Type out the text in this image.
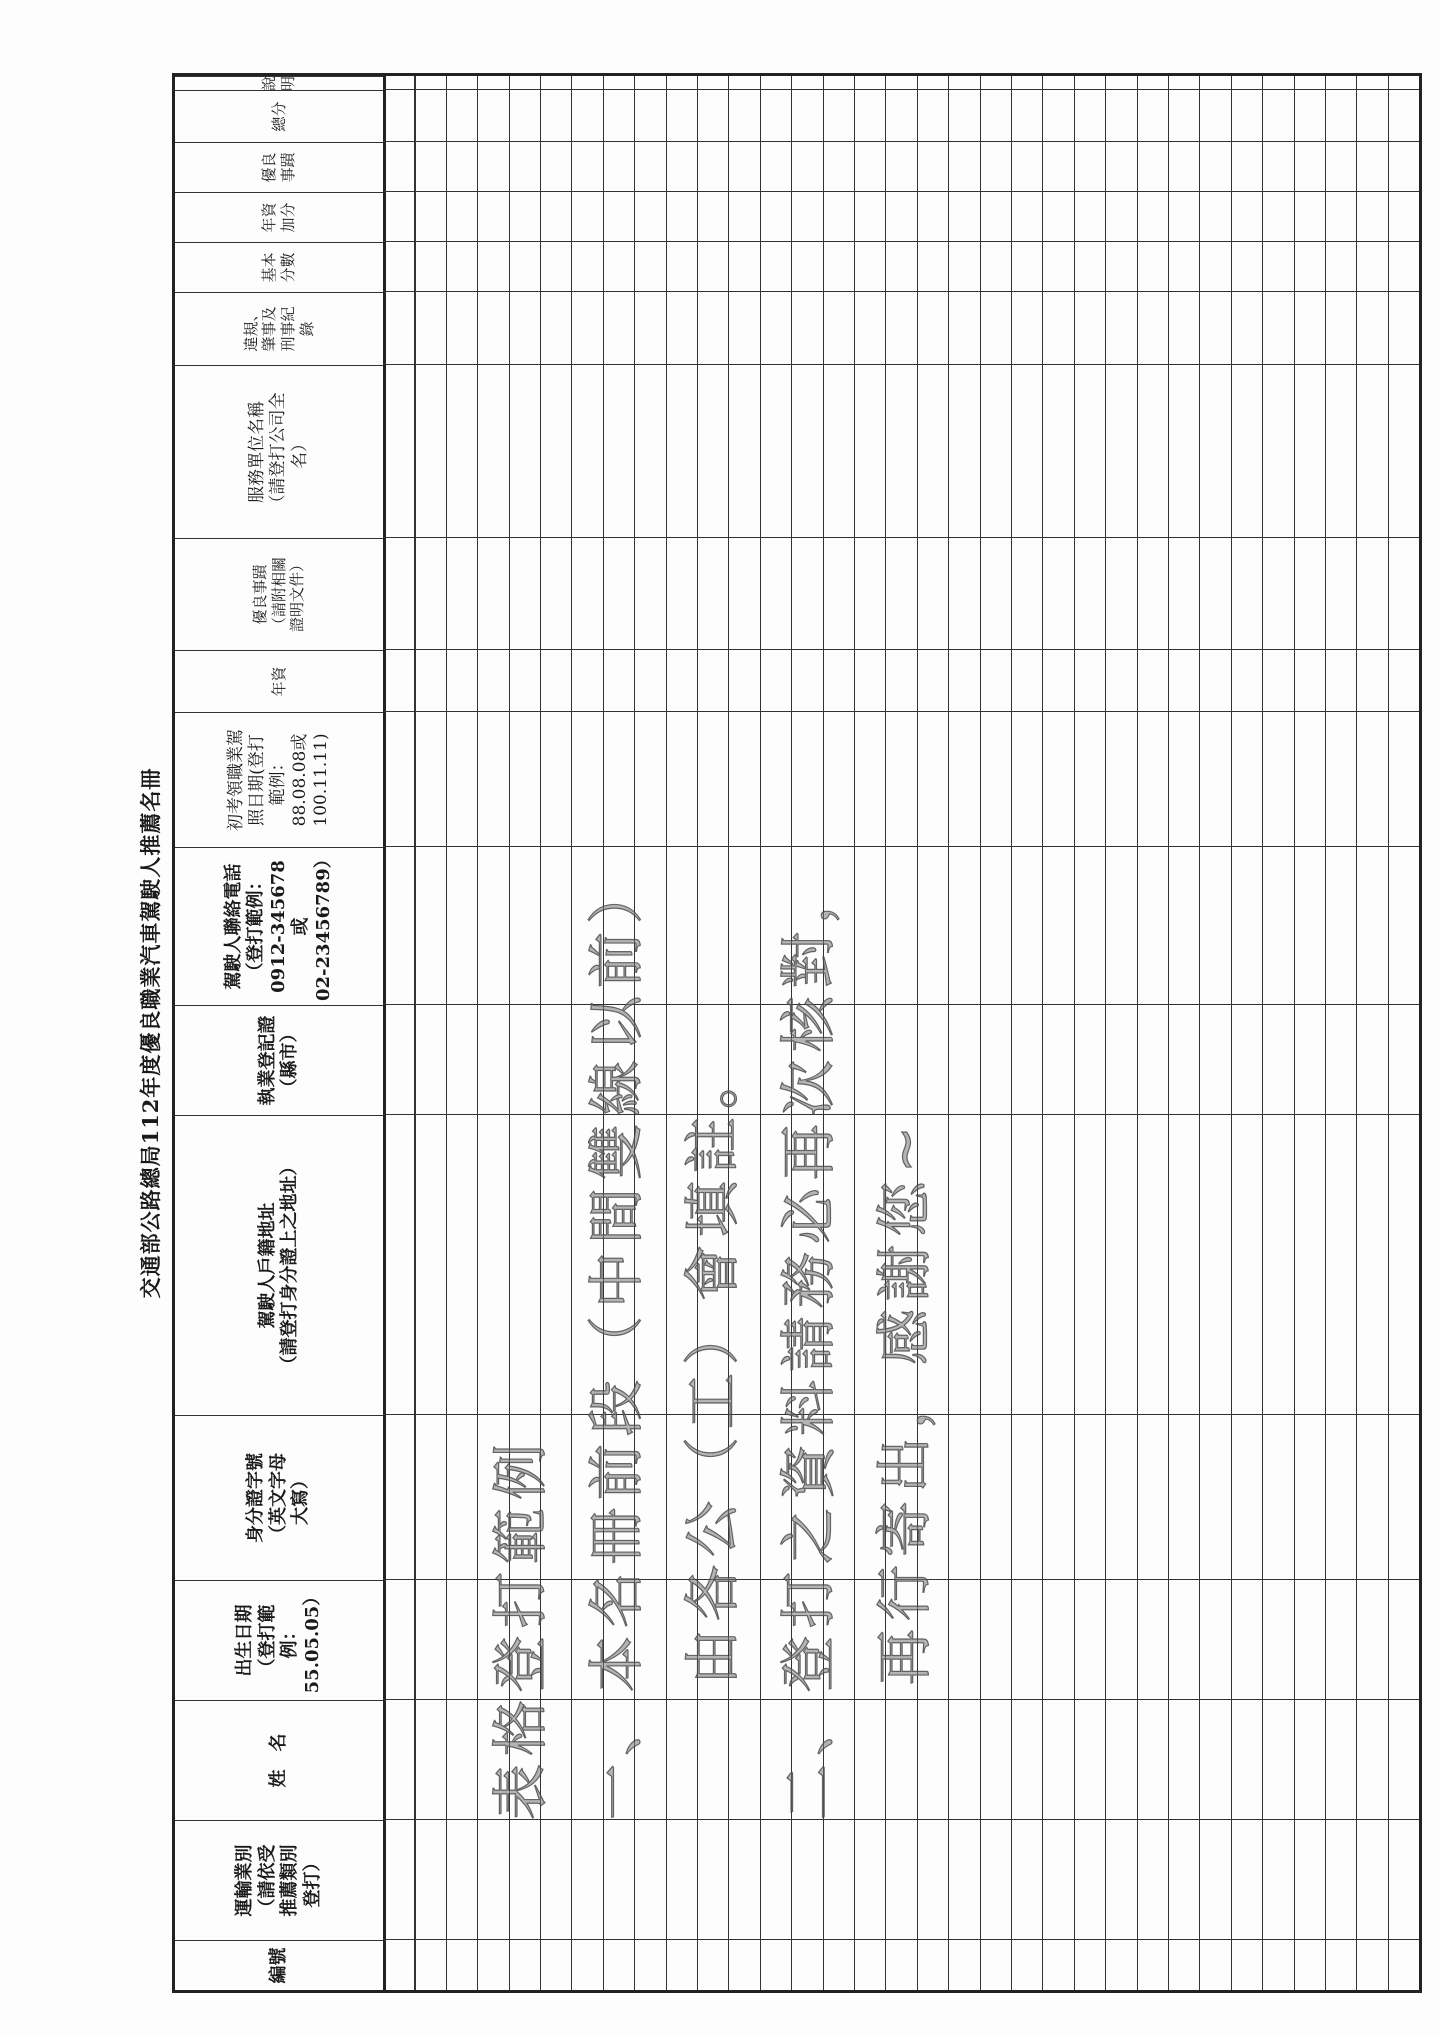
交通部公路總局112年度優良職業汽車駕駛人推薦名冊
編號
運輸業別
（請依受
推薦類別
登打）
姓　名
出生日期
（登打範
例：
55.05.05）
身分證字號
（英文字母
大寫）
駕駛人戶籍地址
（請登打身分證上之地址）
執業登記證
（縣市）
駕駛人聯絡電話
（登打範例：
0912-345678或
02-23456789）
初考領職業駕
照日期(登打
範例：
88.08.08或
100.11.11)
年資
優良事蹟
（請附相關
證明文件）
服務單位名稱
（請登打公司全
名）
違規、
肇事及
刑事紀
錄
基本
分數
年資
加分
優良
事蹟
總分
說明
表格登打範例 一、本名冊前段（中間雙線以前） 由各公（工）會填註。 二、登打之資料請務必再次核對， 再行寄出，感謝您~
